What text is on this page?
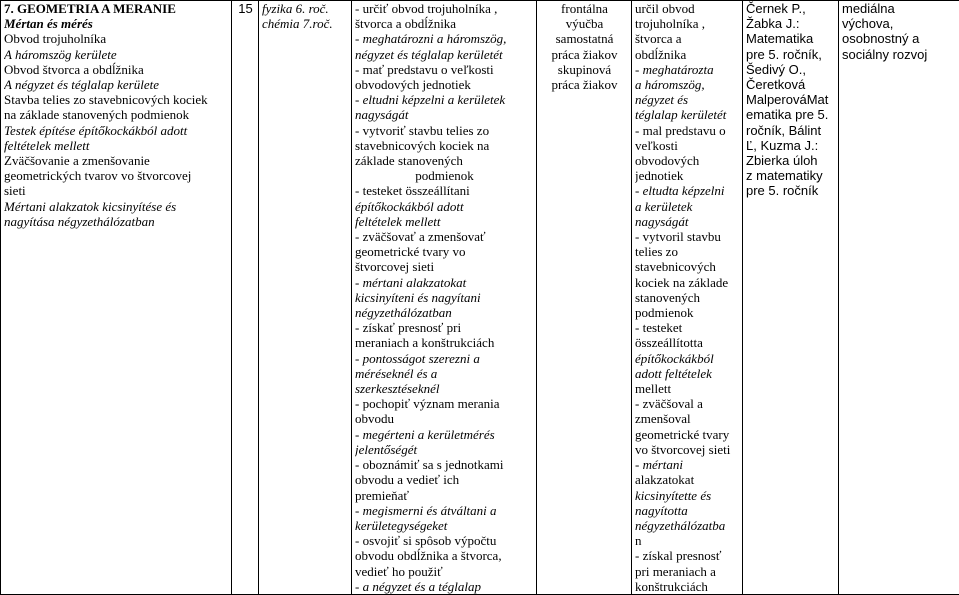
7. GEOMETRIA A MERANIE
Mértan és mérés
Obvod trojuholníka
A háromszög kerülete
Obvod štvorca a obdĺžnika
A négyzet és téglalap kerülete
Stavba telies zo stavebnicových kociek
na základe stanovených podmienok
Testek építése építőkockákból adott
feltételek mellett
Zväčšovanie a zmenšovanie
geometrických tvarov vo štvorcovej
sieti
Mértani alakzatok kicsinyítése és
nagyítása négyzethálózatban

15	fyzika 6. roč.
chémia 7.roč.

- určiť obvod trojuholníka ,
štvorca a obdĺžnika
- meghatározni a háromszög,
négyzet és téglalap kerületét
- mať predstavu o veľkosti
obvodových jednotiek
- eltudni képzelni a kerületek
nagyságát
- vytvoriť stavbu telies zo
stavebnicových kociek na
základe stanovených
podmienok
- testeket összeállítani
építőkockákból adott
feltételek mellett
- zväčšovať a zmenšovať
geometrické tvary vo
štvorcovej sieti
- mértani alakzatokat
kicsinyíteni és nagyítani
négyzethálózatban
- získať presnosť pri
meraniach a konštrukciách
- pontosságot szerezni a
méréseknél és a
szerkesztéseknél
- pochopiť význam merania
obvodu
- megérteni a kerületmérés
jelentőségét
- oboznámiť sa s jednotkami
obvodu a vedieť ich
premieňať
- megismerni és átváltani a
kerületegységeket
- osvojiť si spôsob výpočtu
obvodu obdĺžnika a štvorca,
vedieť ho použiť
- a négyzet és a téglalap

frontálna
výučba
samostatná
práca žiakov
skupinová
práca žiakov

určil obvod
trojuholníka ,
štvorca a
obdĺžnika
- meghatározta
a háromszög,
négyzet és
téglalap kerületét
- mal predstavu o
veľkosti
obvodových
jednotiek
- eltudta képzelni
a kerületek
nagyságát
- vytvoril stavbu
telies zo
stavebnicových
kociek na základe
stanovených
podmienok
- testeket
összeállította
építőkockákból
adott feltételek
mellett
- zväčšoval a
zmenšoval
geometrické tvary
vo štvorcovej sieti
- mértani
alakzatokat
kicsinyítette és
nagyította
négyzethálózatba
n
- získal presnosť
pri meraniach a
konštrukciách

Černek P.,
Žabka J.:
Matematika
pre 5. ročník,
Šedivý O.,
Čeretková
MalperováMat
ematika pre 5.
ročník, Bálint
Ľ, Kuzma J.:
Zbierka úloh
z matematiky
pre 5. ročník

mediálna
výchova,
osobnostný a
sociálny rozvoj
